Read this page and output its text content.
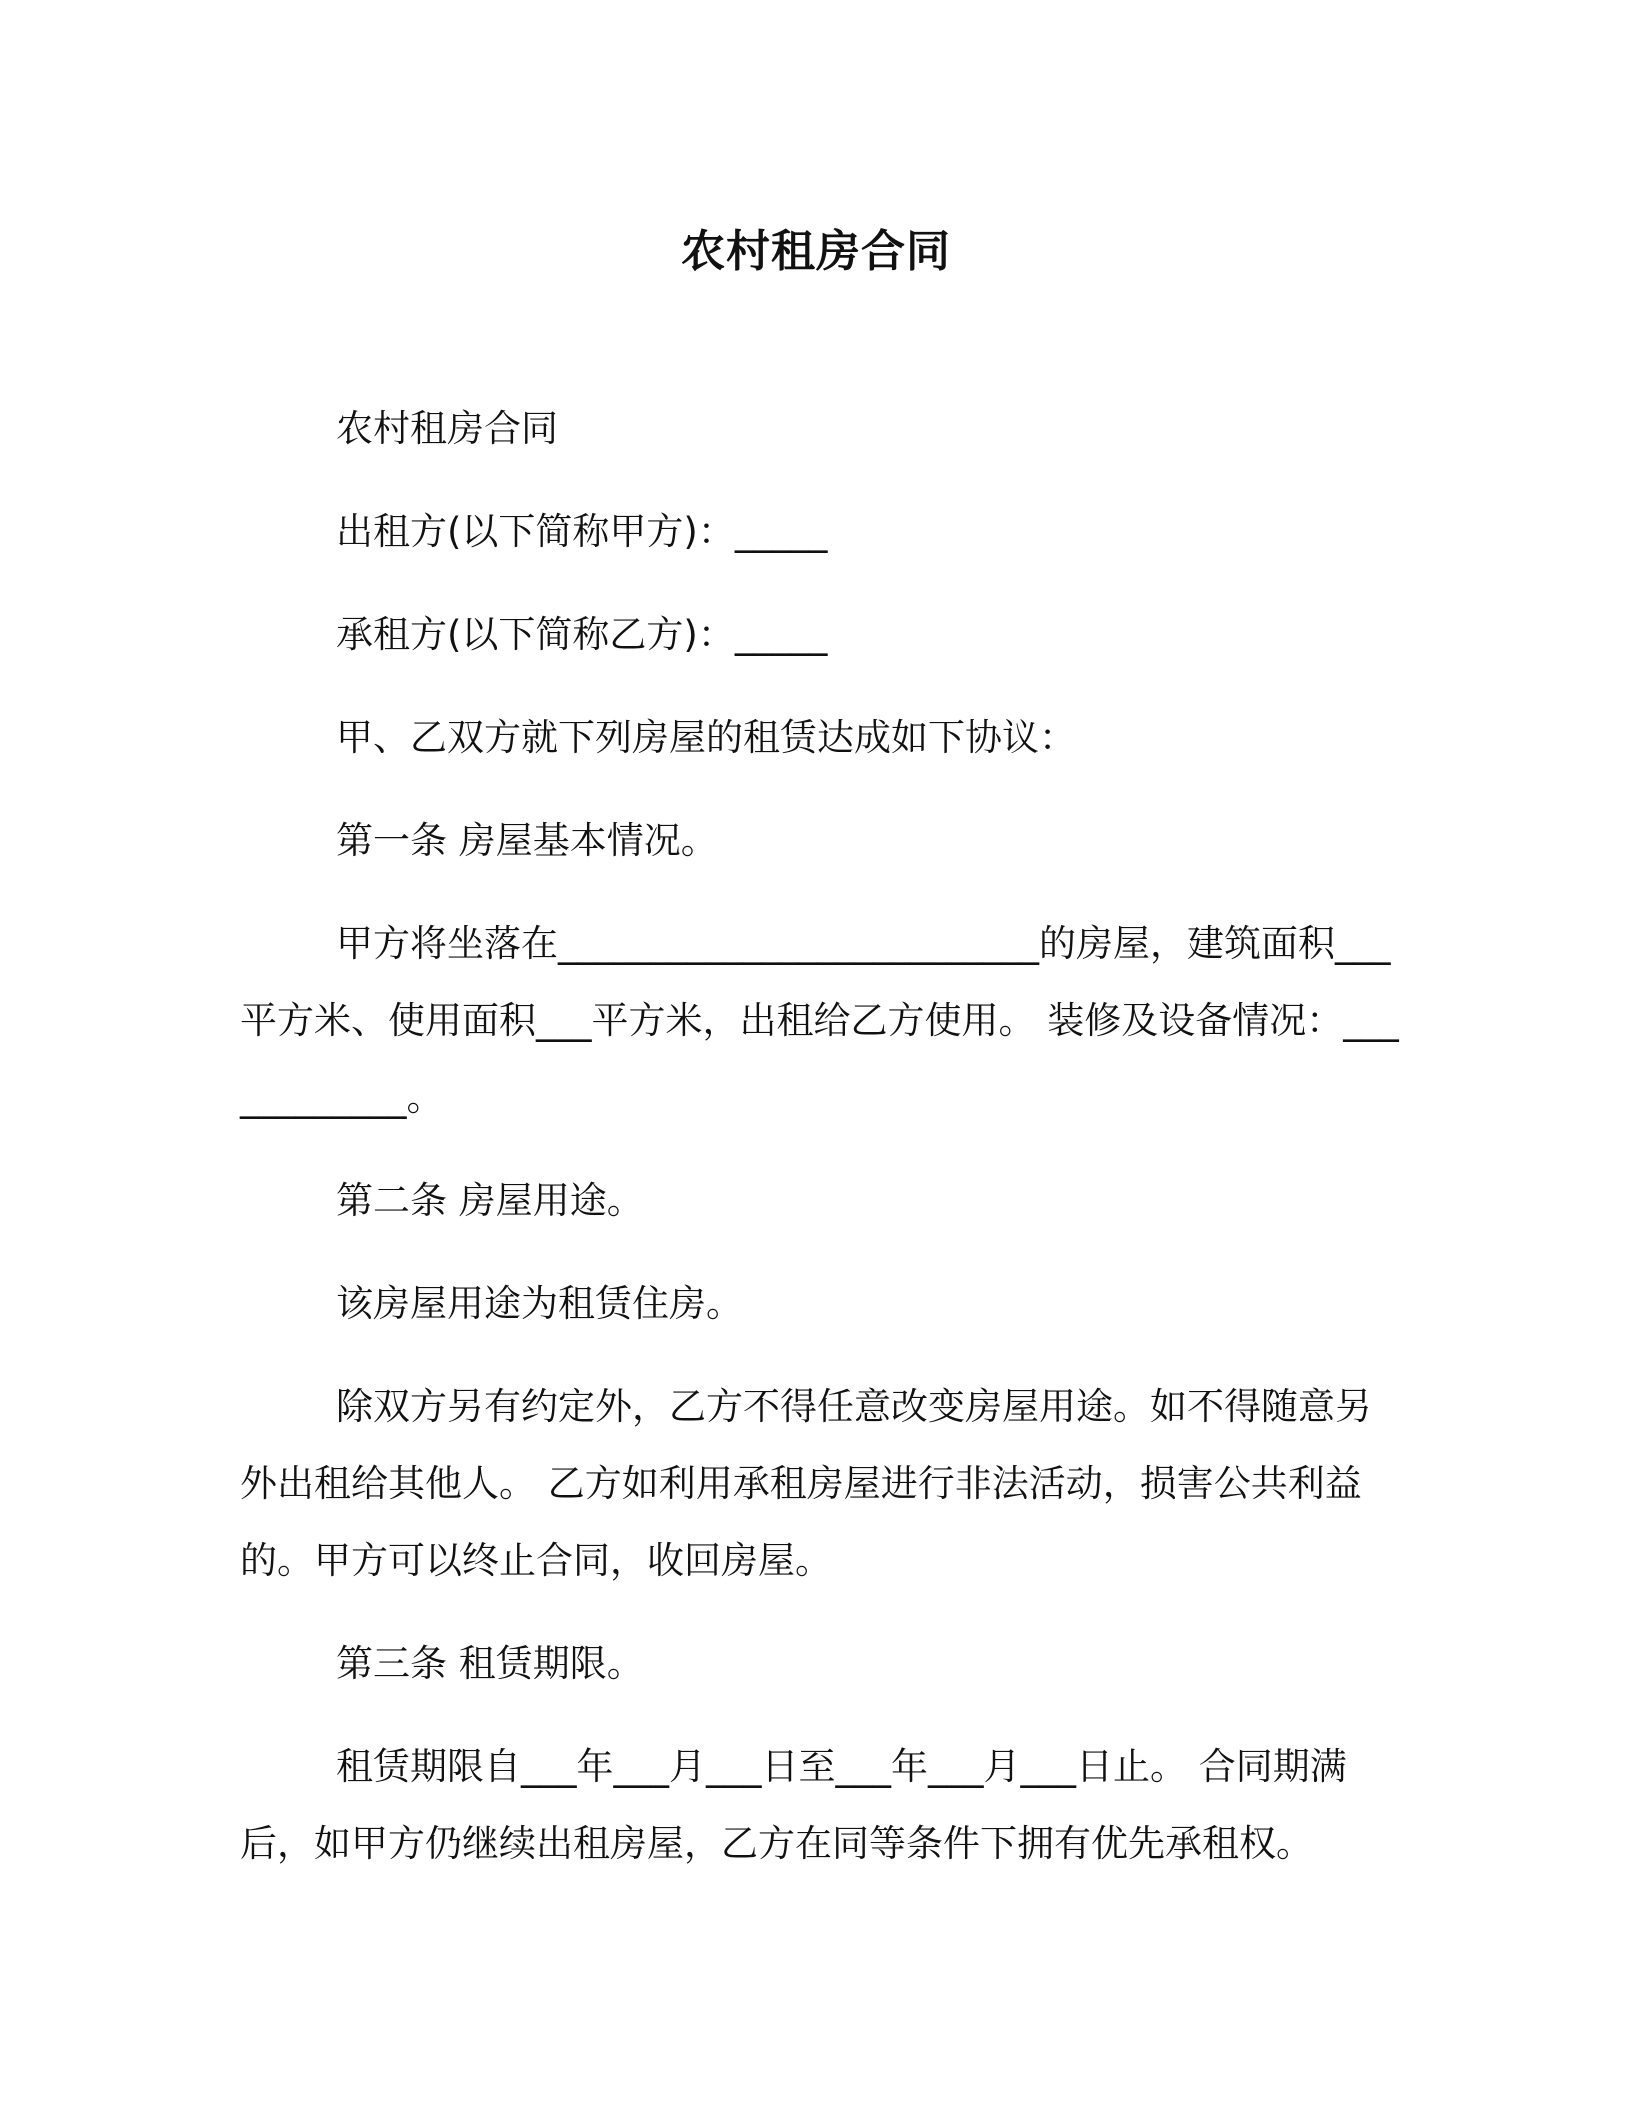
农村租房合同

农村租房合同

出租方(以下简称甲方)：_____

承租方(以下简称乙方)：_____

甲、乙双方就下列房屋的租赁达成如下协议：

第一条 房屋基本情况。

甲方将坐落在__________________________的房屋，建筑面积___平方米、使用面积___平方米，出租给乙方使用。 装修及设备情况：____________。

第二条 房屋用途。

该房屋用途为租赁住房。

除双方另有约定外，乙方不得任意改变房屋用途。如不得随意另外出租给其他人。 乙方如利用承租房屋进行非法活动，损害公共利益的。甲方可以终止合同，收回房屋。

第三条 租赁期限。

租赁期限自___年___月___日至___年___月___日止。 合同期满后，如甲方仍继续出租房屋，乙方在同等条件下拥有优先承租权。
